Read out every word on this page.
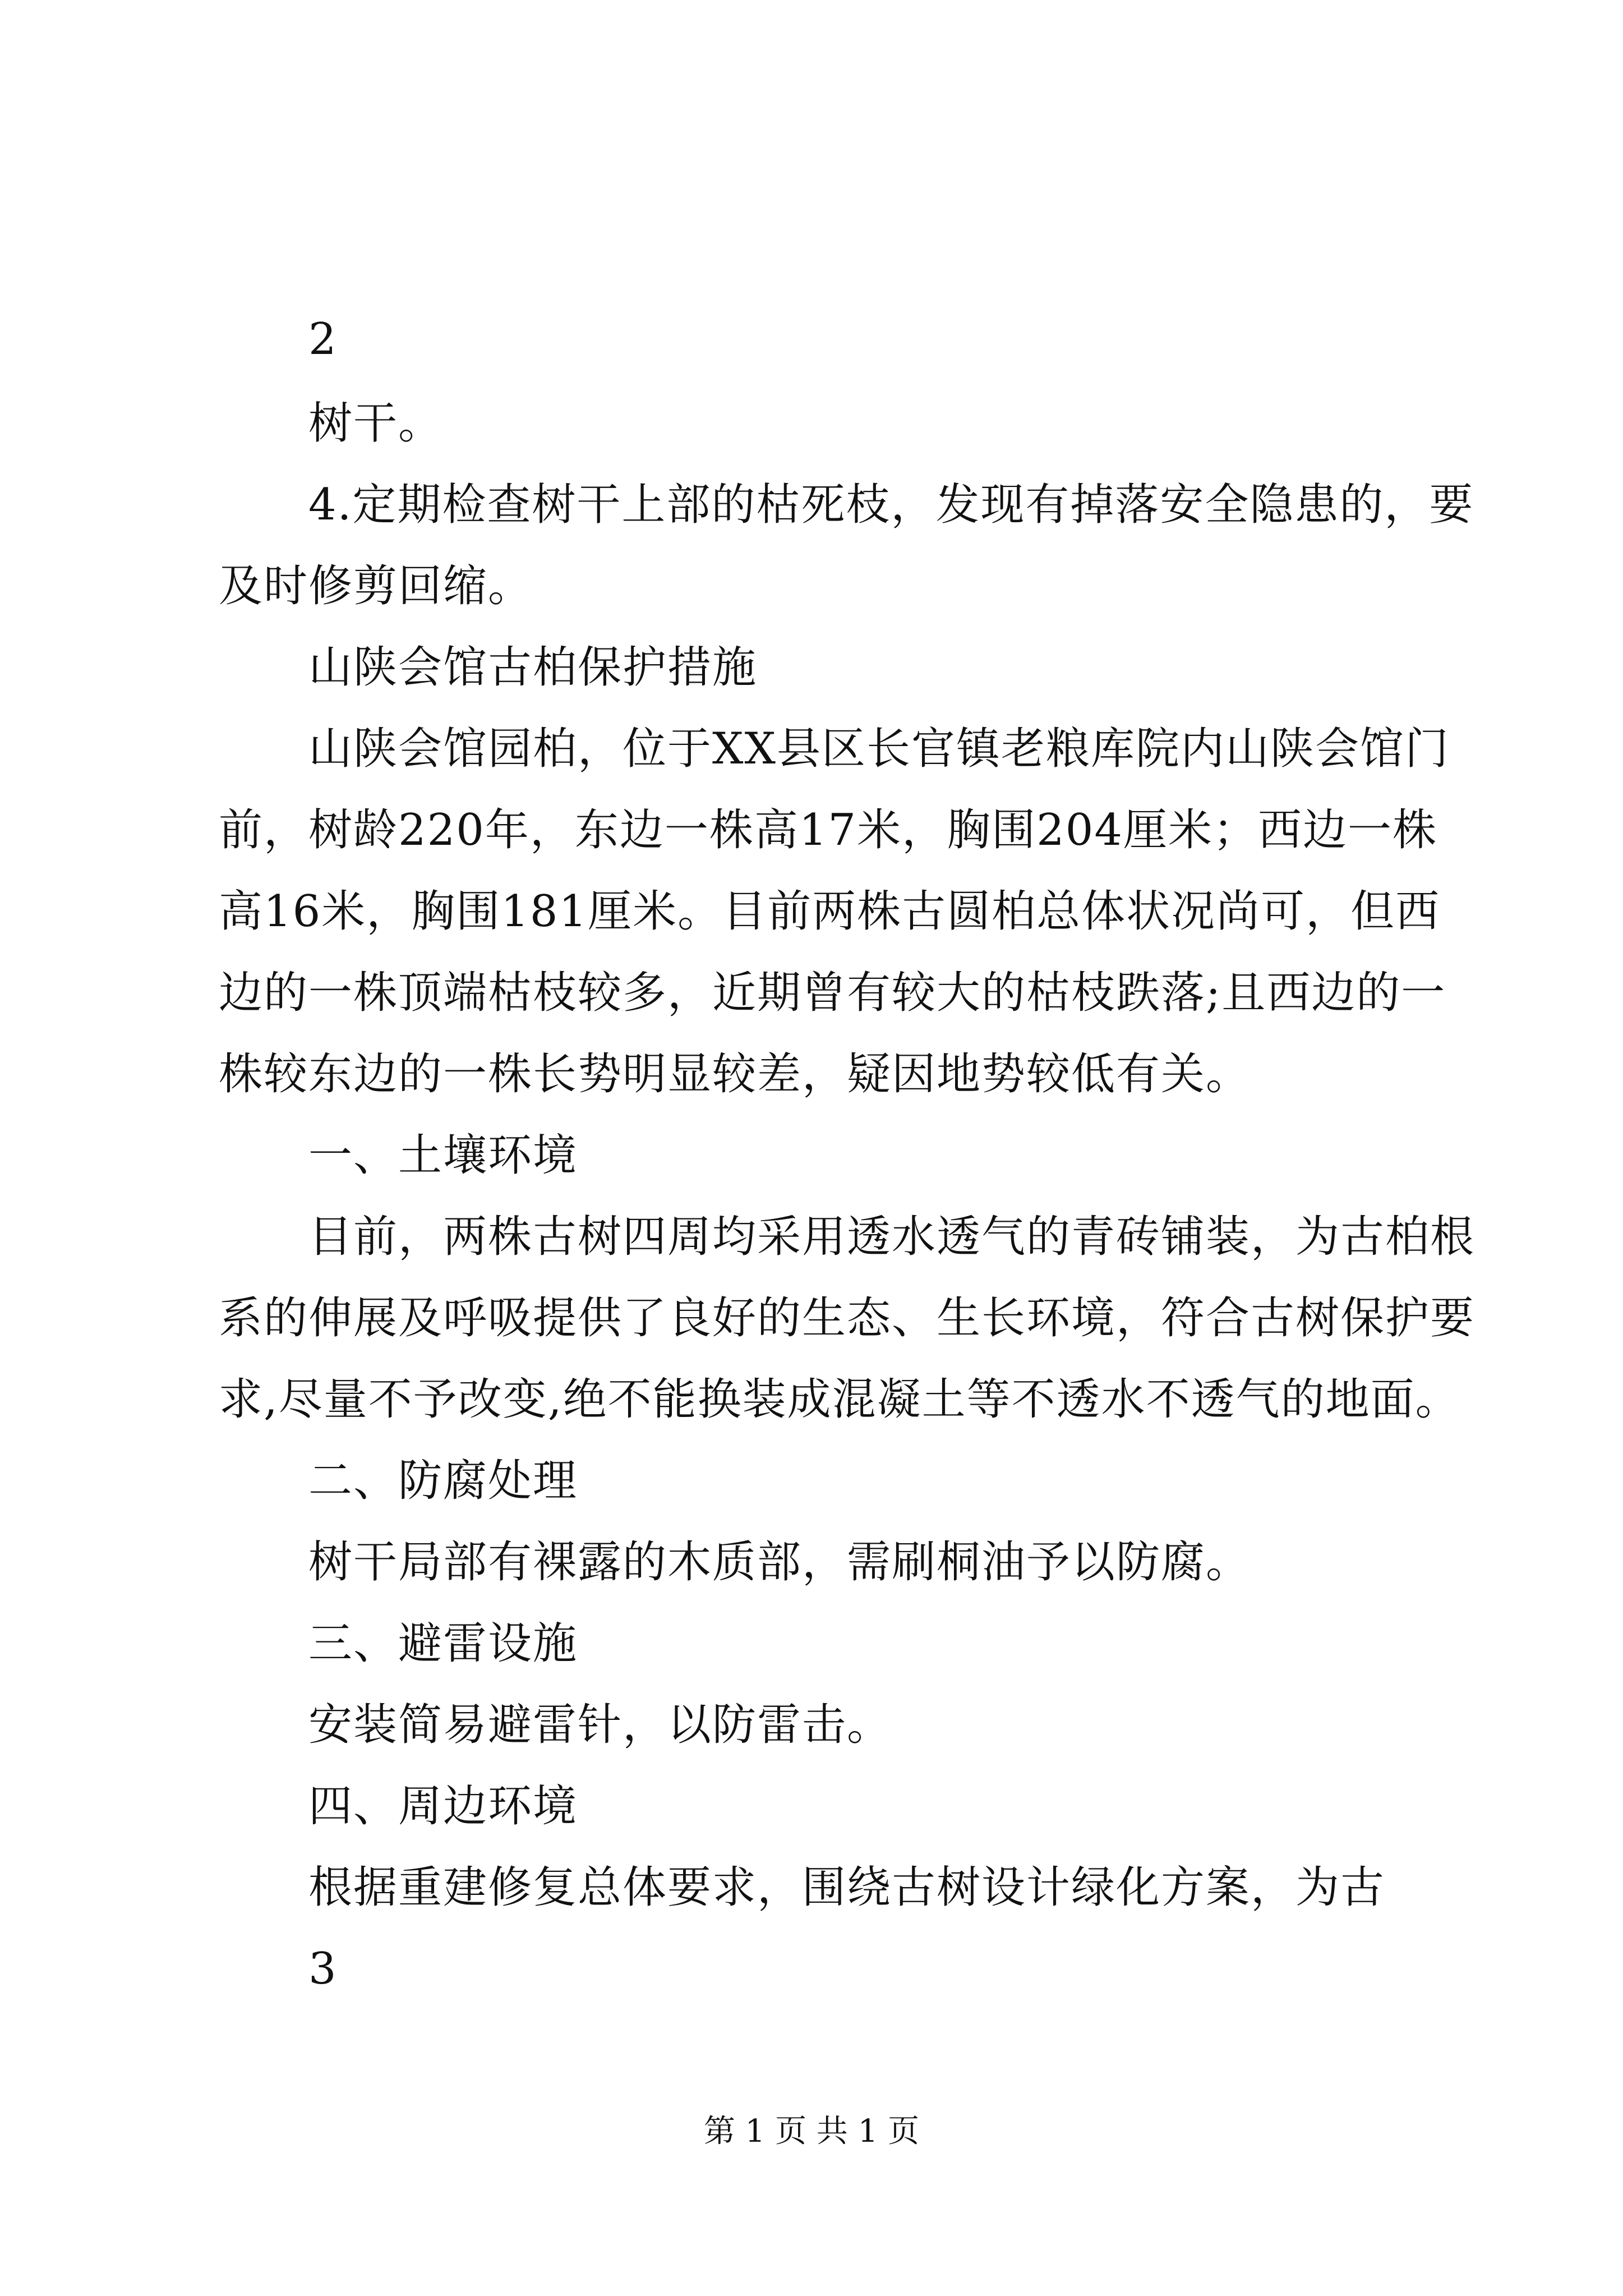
2
树干。
4.定期检查树干上部的枯死枝，发现有掉落安全隐患的，要
及时修剪回缩。
山陕会馆古柏保护措施
山陕会馆园柏，位于XX县区长官镇老粮库院内山陕会馆门
前，树龄220年，东边一株高17米，胸围204厘米；西边一株
高16米，胸围181厘米。目前两株古圆柏总体状况尚可，但西
边的一株顶端枯枝较多，近期曾有较大的枯枝跌落;且西边的一
株较东边的一株长势明显较差，疑因地势较低有关。
一、土壤环境
目前，两株古树四周均采用透水透气的青砖铺装，为古柏根
系的伸展及呼吸提供了良好的生态、生长环境，符合古树保护要
求,尽量不予改变,绝不能换装成混凝土等不透水不透气的地面。
二、防腐处理
树干局部有裸露的木质部，需刷桐油予以防腐。
三、避雷设施
安装简易避雷针，以防雷击。
四、周边环境
根据重建修复总体要求，围绕古树设计绿化方案，为古
3
第 1 页 共 1 页
